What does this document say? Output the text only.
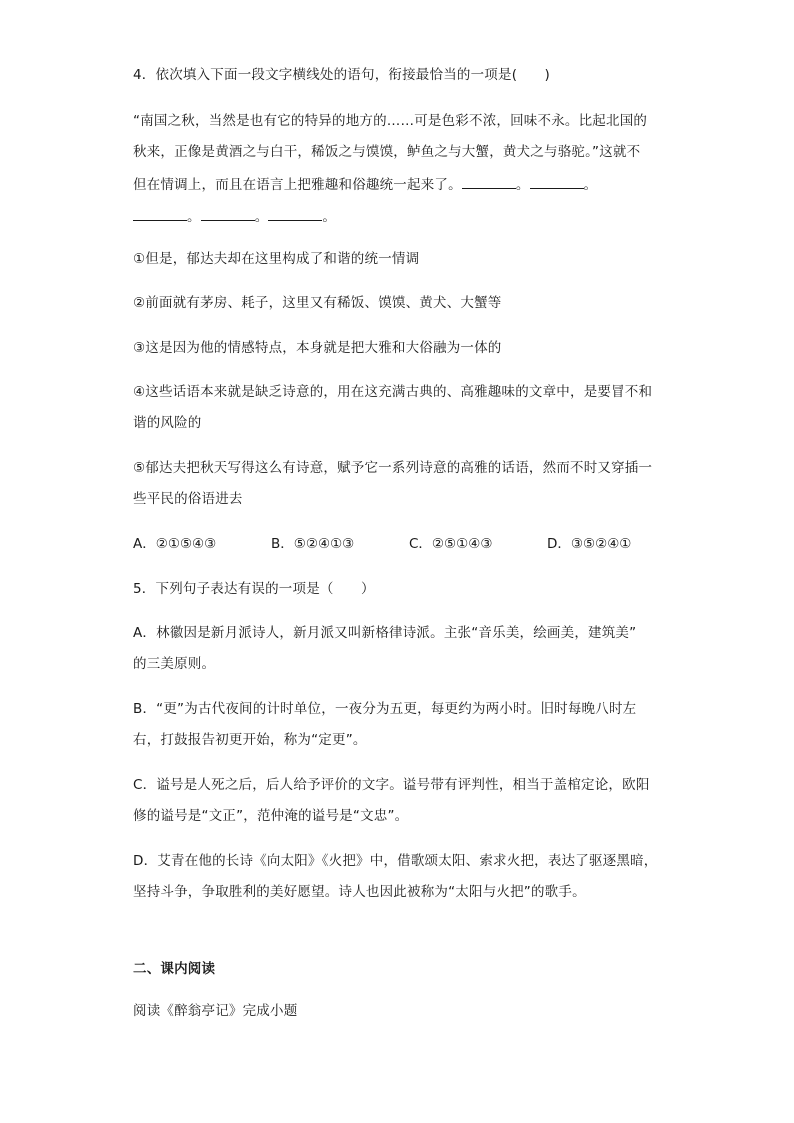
4．依次填入下面一段文字横线处的语句，衔接最恰当的一项是(　　)
“南国之秋，当然是也有它的特异的地方的……可是色彩不浓，回味不永。比起北国的
秋来，正像是黄酒之与白干，稀饭之与馍馍，鲈鱼之与大蟹，黄犬之与骆驼。”这就不
但在情调上，而且在语言上把雅趣和俗趣统一起来了。	。	。
。	。	。
①但是，郁达夫却在这里构成了和谐的统一情调
②前面就有茅房、耗子，这里又有稀饭、馍馍、黄犬、大蟹等
③这是因为他的情感特点，本身就是把大雅和大俗融为一体的
④这些话语本来就是缺乏诗意的，用在这充满古典的、高雅趣味的文章中，是要冒不和
谐的风险的
⑤郁达夫把秋天写得这么有诗意，赋予它一系列诗意的高雅的话语，然而不时又穿插一
些平民的俗语进去
A．②①⑤④③	B．⑤②④①③	C．②⑤①④③	D．③⑤②④①
5．下列句子表达有误的一项是（　　）
A．林徽因是新月派诗人，新月派又叫新格律诗派。主张“音乐美，绘画美，建筑美”
的三美原则。
B．“更”为古代夜间的计时单位，一夜分为五更，每更约为两小时。旧时每晚八时左
右，打鼓报告初更开始，称为“定更”。
C．谥号是人死之后，后人给予评价的文字。谥号带有评判性，相当于盖棺定论，欧阳
修的谥号是“文正”，范仲淹的谥号是“文忠”。
D．艾青在他的长诗《向太阳》《火把》中，借歌颂太阳、索求火把，表达了驱逐黑暗，
坚持斗争，争取胜利的美好愿望。诗人也因此被称为“太阳与火把”的歌手。
二、课内阅读
阅读《醉翁亭记》完成小题
